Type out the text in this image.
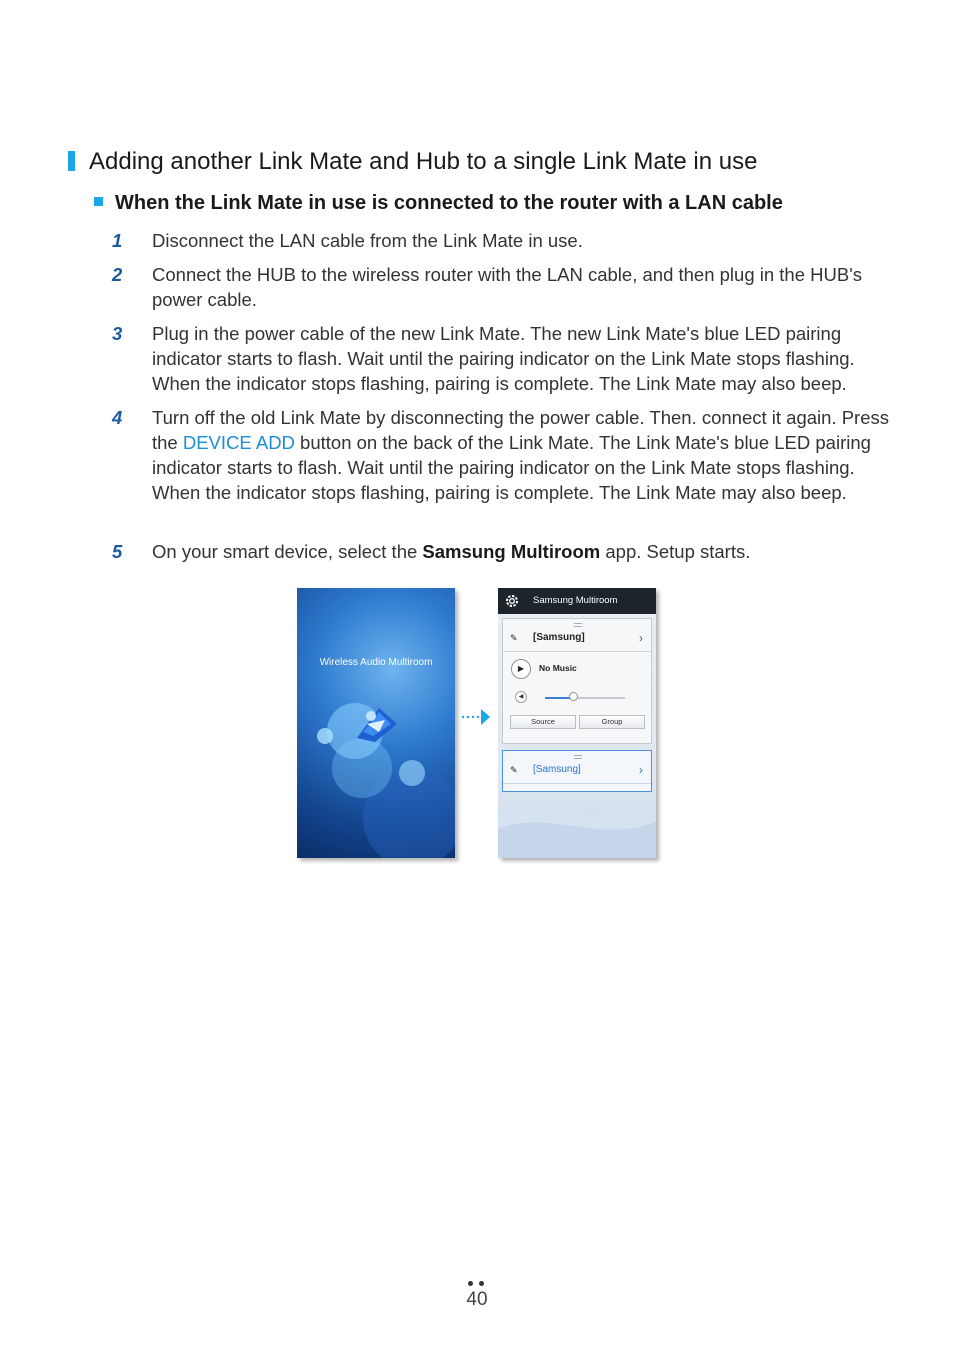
Adding another Link Mate and Hub to a single Link Mate in use
When the Link Mate in use is connected to the router with a LAN cable
1	Disconnect the LAN cable from the Link Mate in use.
2	Connect the HUB to the wireless router with the LAN cable, and then plug in the HUB's power cable.
3	Plug in the power cable of the new Link Mate. The new Link Mate's blue LED pairing indicator starts to flash. Wait until the pairing indicator on the Link Mate stops flashing. When the indicator stops flashing, pairing is complete. The Link Mate may also beep.
4	Turn off the old Link Mate by disconnecting the power cable. Then. connect it again. Press the DEVICE ADD button on the back of the Link Mate. The Link Mate's blue LED pairing indicator starts to flash. Wait until the pairing indicator on the Link Mate stops flashing. When the indicator stops flashing, pairing is complete. The Link Mate may also beep.
5	On your smart device, select the Samsung Multiroom app. Setup starts.
Wireless Audio Multiroom
Samsung Multiroom
✎ [Samsung]	›
▶	No Music
◀
Source	Group
✎ [Samsung]	›
40
